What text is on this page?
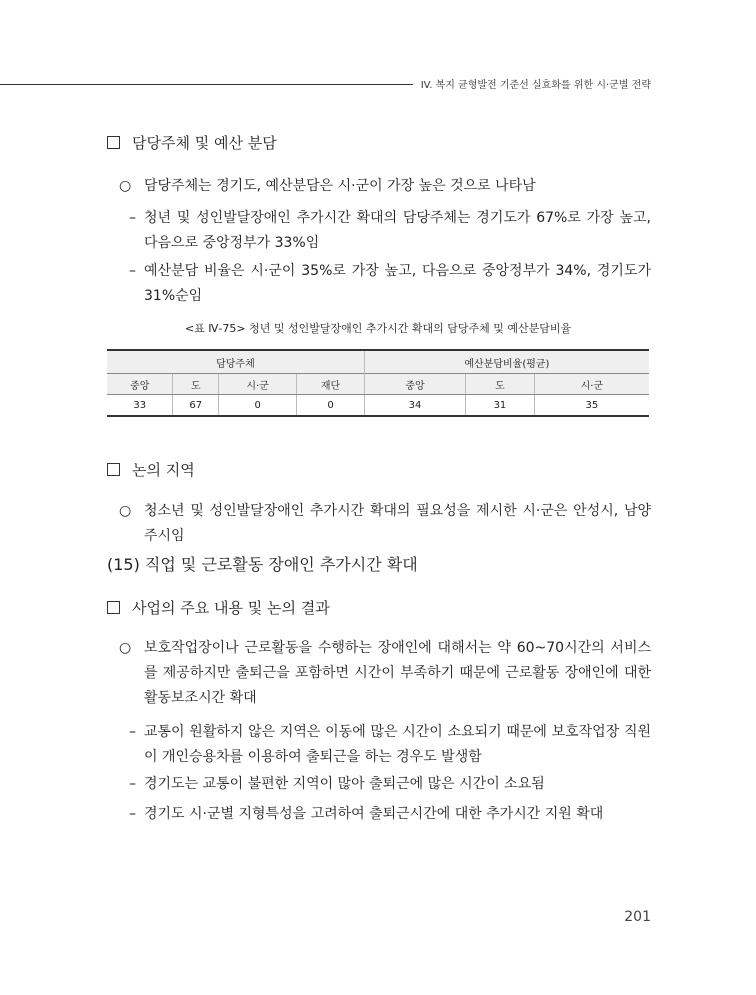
IV. 복지 균형발전 기준선 실효화를 위한 시·군별 전략
담당주체 및 예산 분담
○ 담당주체는 경기도, 예산분담은 시·군이 가장 높은 것으로 나타남
– 청년 및 성인발달장애인 추가시간 확대의 담당주체는 경기도가 67%로 가장 높고, 다음으로 중앙정부가 33%임
– 예산분담 비율은 시·군이 35%로 가장 높고, 다음으로 중앙정부가 34%, 경기도가 31%순임
<표 Ⅳ-75> 청년 및 성인발달장애인 추가시간 확대의 담당주체 및 예산분담비율
담당주체				예산분담비율(평균)		
중앙	도	시·군	재단	중앙	도	시·군
33	67	0	0	34	31	35
논의 지역
○ 청소년 및 성인발달장애인 추가시간 확대의 필요성을 제시한 시·군은 안성시, 남양주시임
(15) 직업 및 근로활동 장애인 추가시간 확대
사업의 주요 내용 및 논의 결과
○ 보호작업장이나 근로활동을 수행하는 장애인에 대해서는 약 60~70시간의 서비스를 제공하지만 출퇴근을 포함하면 시간이 부족하기 때문에 근로활동 장애인에 대한 활동보조시간 확대
– 교통이 원활하지 않은 지역은 이동에 많은 시간이 소요되기 때문에 보호작업장 직원이 개인승용차를 이용하여 출퇴근을 하는 경우도 발생함
– 경기도는 교통이 불편한 지역이 많아 출퇴근에 많은 시간이 소요됨
– 경기도 시·군별 지형특성을 고려하여 출퇴근시간에 대한 추가시간 지원 확대
201
